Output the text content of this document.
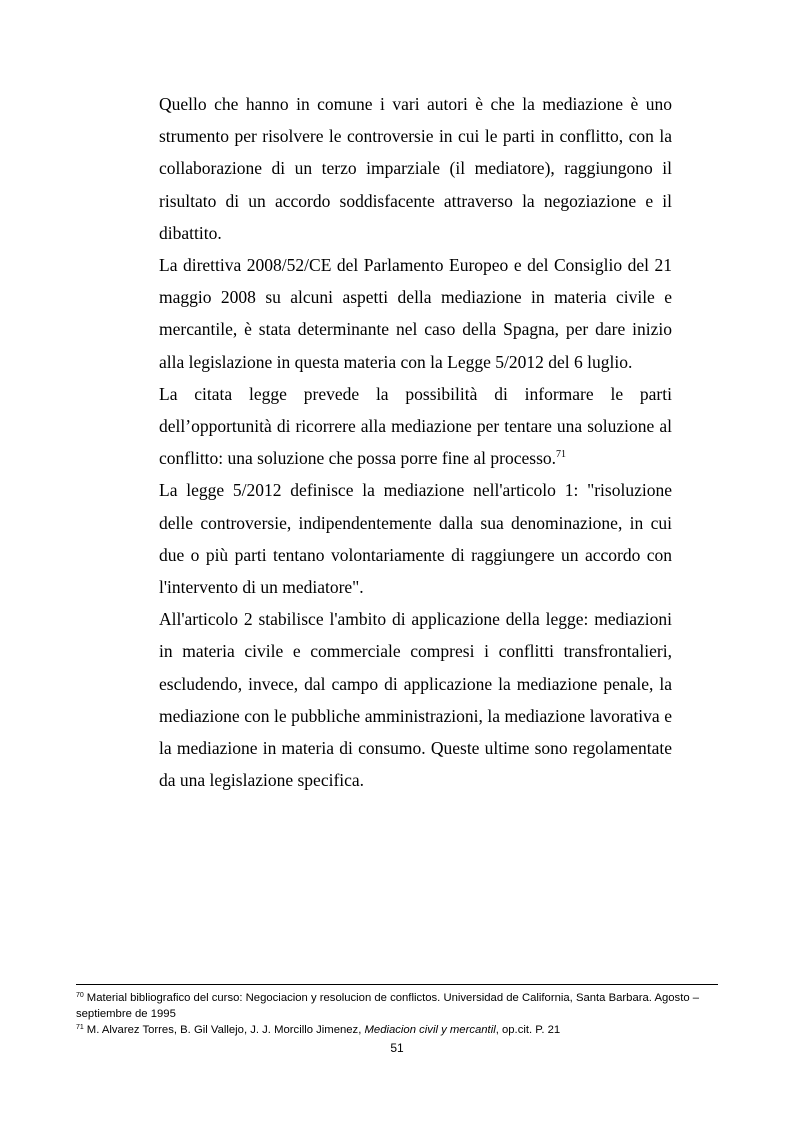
Quello che hanno in comune i vari autori è che la mediazione è uno strumento per risolvere le controversie in cui le parti in conflitto, con la collaborazione di un terzo imparziale (il mediatore), raggiungono il risultato di un accordo soddisfacente attraverso la negoziazione e il dibattito.

La direttiva 2008/52/CE del Parlamento Europeo e del Consiglio del 21 maggio 2008 su alcuni aspetti della mediazione in materia civile e mercantile, è stata determinante nel caso della Spagna, per dare inizio alla legislazione in questa materia con la Legge 5/2012 del 6 luglio.

La citata legge prevede la possibilità di informare le parti dell’opportunità di ricorrere alla mediazione per tentare una soluzione al conflitto: una soluzione che possa porre fine al processo.$^{71}$

La legge 5/2012 definisce la mediazione nell'articolo 1: "risoluzione delle controversie, indipendentemente dalla sua denominazione, in cui due o più parti tentano volontariamente di raggiungere un accordo con l'intervento di un mediatore".

All'articolo 2 stabilisce l'ambito di applicazione della legge: mediazioni in materia civile e commerciale compresi i conflitti transfrontalieri, escludendo, invece, dal campo di applicazione la mediazione penale, la mediazione con le pubbliche amministrazioni, la mediazione lavorativa e la mediazione in materia di consumo. Queste ultime sono regolamentate da una legislazione specifica.

$^{70}$ Material bibliografico del curso: Negociacion y resolucion de conflictos. Universidad de California, Santa Barbara. Agosto – septiembre de 1995

$^{71}$ M. Alvarez Torres, B. Gil Vallejo, J. J. Morcillo Jimenez, Mediacion civil y mercantil, op.cit. P. 21

51
